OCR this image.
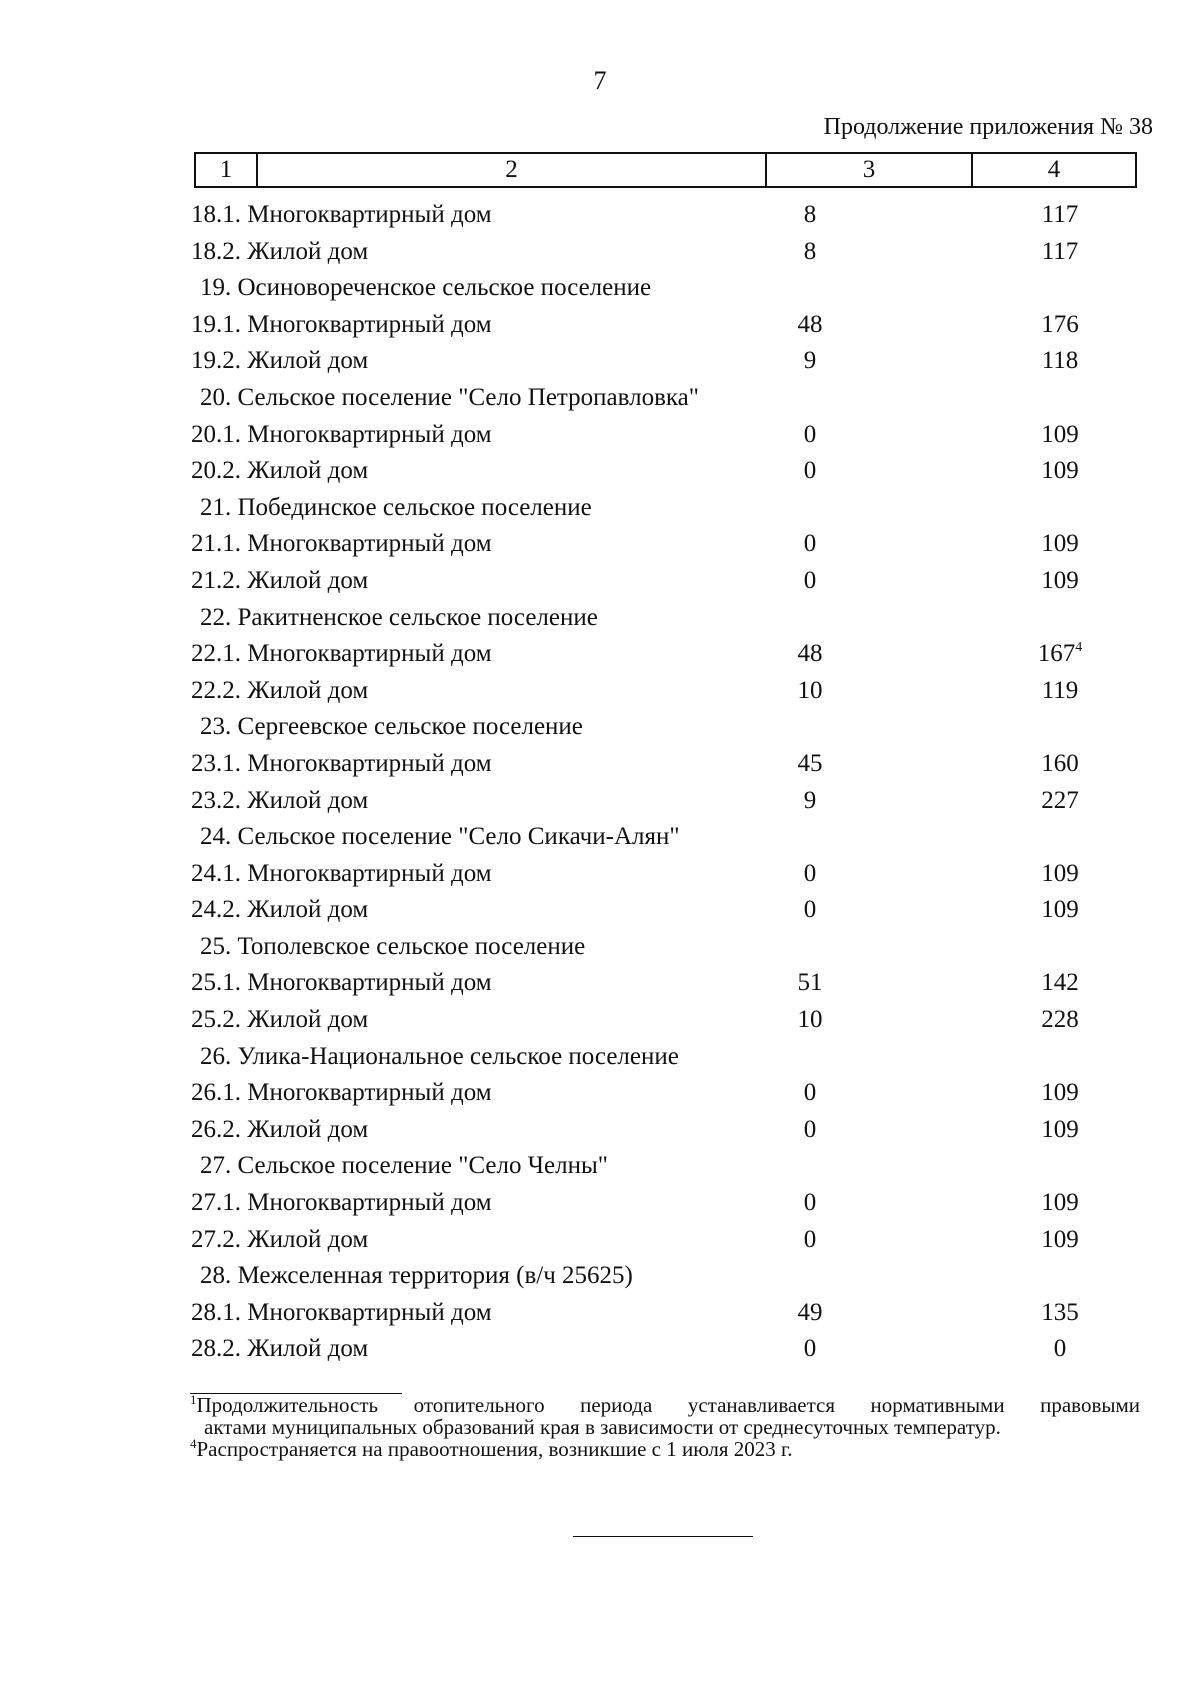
7
Продолжение приложения № 38
1	2	3	4
18.1. Многоквартирный дом	8	117
18.2. Жилой дом	8	117
19. Осиновореченское сельское поселение
19.1. Многоквартирный дом	48	176
19.2. Жилой дом	9	118
20. Сельское поселение "Село Петропавловка"
20.1. Многоквартирный дом	0	109
20.2. Жилой дом	0	109
21. Побединское сельское поселение
21.1. Многоквартирный дом	0	109
21.2. Жилой дом	0	109
22. Ракитненское сельское поселение
22.1. Многоквартирный дом	48	$167^4$
22.2. Жилой дом	10	119
23. Сергеевское сельское поселение
23.1. Многоквартирный дом	45	160
23.2. Жилой дом	9	227
24. Сельское поселение "Село Сикачи-Алян"
24.1. Многоквартирный дом	0	109
24.2. Жилой дом	0	109
25. Тополевское сельское поселение
25.1. Многоквартирный дом	51	142
25.2. Жилой дом	10	228
26. Улика-Национальное сельское поселение
26.1. Многоквартирный дом	0	109
26.2. Жилой дом	0	109
27. Сельское поселение "Село Челны"
27.1. Многоквартирный дом	0	109
27.2. Жилой дом	0	109
28. Межселенная территория (в/ч 25625)
28.1. Многоквартирный дом	49	135
28.2. Жилой дом	0	0
$^1$Продолжительность отопительного периода устанавливается нормативными правовыми
актами муниципальных образований края в зависимости от среднесуточных температур.
$^4$Распространяется на правоотношения, возникшие с 1 июля 2023 г.
